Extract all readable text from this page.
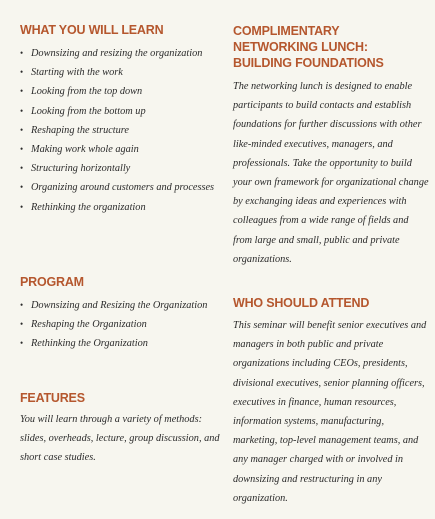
WHAT YOU WILL LEARN
• Downsizing and resizing the organization
• Starting with the work
• Looking from the top down
• Looking from the bottom up
• Reshaping the structure
• Making work whole again
• Structuring horizontally
• Organizing around customers and processes
• Rethinking the organization
PROGRAM
• Downsizing and Resizing the Organization
• Reshaping the Organization
• Rethinking the Organization
FEATURES

You will learn through a variety of methods: slides, overheads, lecture, group discussion, and short case studies.

COMPLIMENTARY
NETWORKING LUNCH:
BUILDING FOUNDATIONS

The networking lunch is designed to enable participants to build contacts and establish foundations for further discussions with other like-minded executives, managers, and professionals. Take the opportunity to build your own framework for organizational change by exchanging ideas and experiences with colleagues from a wide range of fields and from large and small, public and private organizations.

WHO SHOULD ATTEND

This seminar will benefit senior executives and managers in both public and private organizations including CEOs, presidents, divisional executives, senior planning officers, executives in finance, human resources, information systems, manufacturing, marketing, top-level management teams, and any manager charged with or involved in downsizing and restructuring in any organization.
